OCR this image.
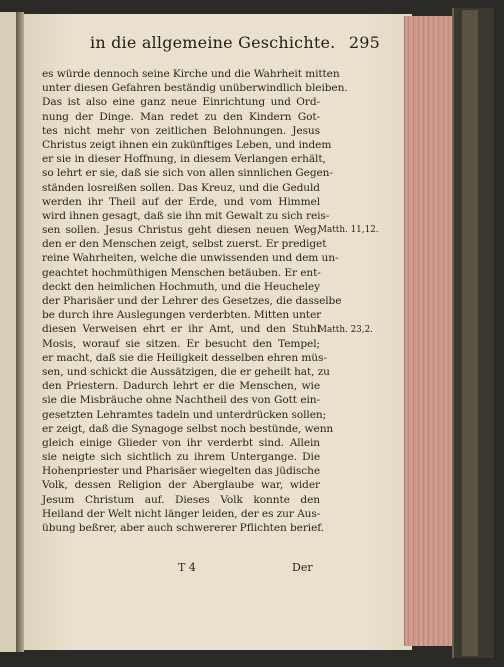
in die allgemeine Geschichte. 295
es würde dennoch seine Kirche und die Wahrheit mitten
unter diesen Gefahren beständig unüberwindlich bleiben.
Das ist also eine ganz neue Einrichtung und Ord-
nung der Dinge. Man redet zu den Kindern Got-
tes nicht mehr von zeitlichen Belohnungen. Jesus
Christus zeigt ihnen ein zukünftiges Leben, und indem
er sie in dieser Hoffnung, in diesem Verlangen erhält,
so lehrt er sie, daß sie sich von allen sinnlichen Gegen-
ständen losreißen sollen. Das Kreuz, und die Geduld
werden ihr Theil auf der Erde, und vom Himmel
wird ihnen gesagt, daß sie ihn mit Gewalt zu sich reis-
sen sollen. Jesus Christus geht diesen neuen Weg,
den er den Menschen zeigt, selbst zuerst. Er prediget
reine Wahrheiten, welche die unwissenden und dem un-
geachtet hochmüthigen Menschen betäuben. Er ent-
deckt den heimlichen Hochmuth, und die Heucheley
der Pharisäer und der Lehrer des Gesetzes, die dasselbe
be durch ihre Auslegungen verderbten. Mitten unter
diesen Verweisen ehrt er ihr Amt, und den Stuhl
Mosis, worauf sie sitzen. Er besucht den Tempel;
er macht, daß sie die Heiligkeit desselben ehren müs-
sen, und schickt die Aussätzigen, die er geheilt hat, zu
den Priestern. Dadurch lehrt er die Menschen, wie
sie die Misbräuche ohne Nachtheil des von Gott ein-
gesetzten Lehramtes tadeln und unterdrücken sollen;
er zeigt, daß die Synagoge selbst noch bestünde, wenn
gleich einige Glieder von ihr verderbt sind. Allein
sie neigte sich sichtlich zu ihrem Untergange. Die
Hohenpriester und Pharisäer wiegelten das jüdische
Volk, dessen Religion der Aberglaube war, wider
Jesum Christum auf. Dieses Volk konnte den
Heiland der Welt nicht länger leiden, der es zur Aus-
übung beßrer, aber auch schwererer Pflichten berief.
Matth. 11,12.
Matth. 23,2.
T 4	Der
